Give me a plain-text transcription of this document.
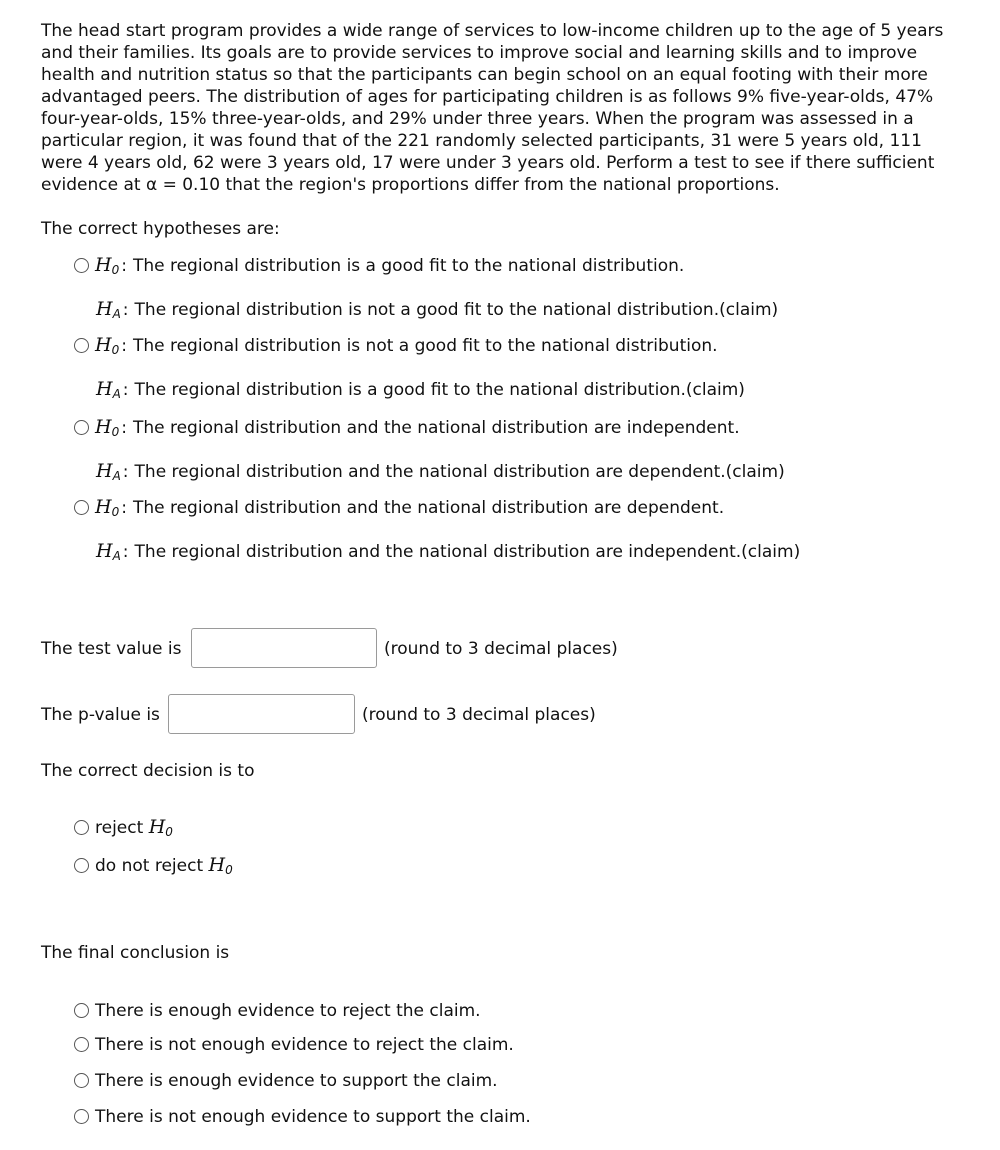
The head start program provides a wide range of services to low-income children up to the age of 5 years and their families. Its goals are to provide services to improve social and learning skills and to improve health and nutrition status so that the participants can begin school on an equal footing with their more advantaged peers. The distribution of ages for participating children is as follows 9% five-year-olds, 47% four-year-olds, 15% three-year-olds, and 29% under three years. When the program was assessed in a particular region, it was found that of the 221 randomly selected participants, 31 were 5 years old, 111 were 4 years old, 62 were 3 years old, 17 were under 3 years old. Perform a test to see if there sufficient evidence at α = 0.10 that the region's proportions differ from the national proportions.
The correct hypotheses are:
$H_0$ : The regional distribution is a good fit to the national distribution.
$H_A$ : The regional distribution is not a good fit to the national distribution.(claim)
$H_0$ : The regional distribution is not a good fit to the national distribution.
$H_A$ : The regional distribution is a good fit to the national distribution.(claim)
$H_0$ : The regional distribution and the national distribution are independent.
$H_A$ : The regional distribution and the national distribution are dependent.(claim)
$H_0$ : The regional distribution and the national distribution are dependent.
$H_A$ : The regional distribution and the national distribution are independent.(claim)
The test value is	(round to 3 decimal places)
The p-value is	(round to 3 decimal places)
The correct decision is to
reject $H_0$
do not reject $H_0$
The final conclusion is
There is enough evidence to reject the claim.
There is not enough evidence to reject the claim.
There is enough evidence to support the claim.
There is not enough evidence to support the claim.
